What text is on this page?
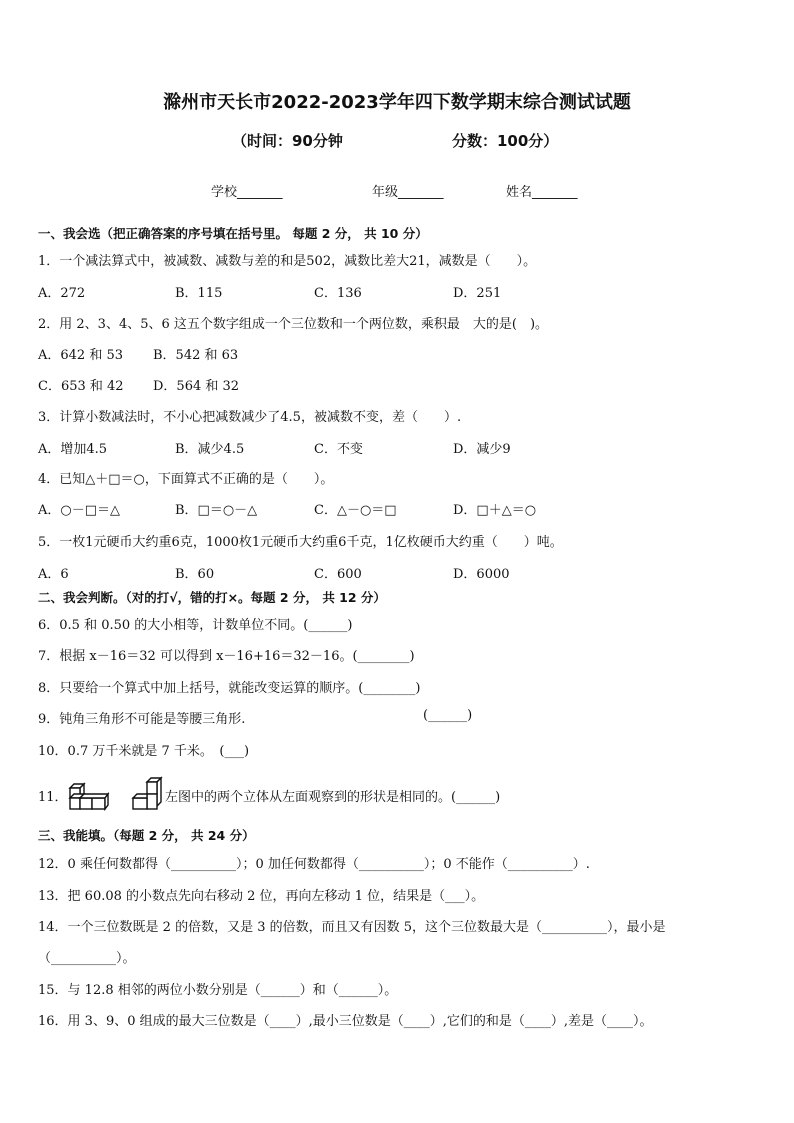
滁州市天长市2022-2023学年四下数学期末综合测试试题
（时间：90分钟	分数：100分）
学校_______	年级_______	姓名_______
一、我会选（把正确答案的序号填在括号里。 每题 2 分， 共 10 分）
1．一个减法算式中，被减数、减数与差的和是502，减数比差大21，减数是（　　）。
A．272	B．115	C．136	D．251
2．用 2、3、4、5、6 这五个数字组成一个三位数和一个两位数，乘积最　大的是(　)。
A．642 和 53 B．542 和 63
C．653 和 42 D．564 和 32
3．计算小数减法时，不小心把减数减少了4.5，被减数不变，差（　　）.
A．增加4.5	B．减少4.5	C．不变	D．减少9
4．已知△＋□＝○，下面算式不正确的是（　　）。
A．○－□＝△	B．□＝○－△	C．△－○＝□	D．□＋△＝○
5．一枚1元硬币大约重6克，1000枚1元硬币大约重6千克，1亿枚硬币大约重（　　）吨。
A．6	B．60	C．600	D．6000
二、我会判断。（对的打√，错的打×。每题 2 分， 共 12 分）
6．0.5 和 0.50 的大小相等，计数单位不同。(______)
7．根据 x－16＝32 可以得到 x－16+16＝32－16。(________)
8．只要给一个算式中加上括号，就能改变运算的顺序。(________)
9．钝角三角形不可能是等腰三角形.	(______)
10．0.7 万千米就是 7 千米。　(___)
11．	左图中的两个立体从左面观察到的形状是相同的。(______)
三、我能填。（每题 2 分， 共 24 分）
12．0 乘任何数都得（__________）；0 加任何数都得（__________）；0 不能作（__________）.
13．把 60.08 的小数点先向右移动 2 位，再向左移动 1 位，结果是（___）。
14．一个三位数既是 2 的倍数，又是 3 的倍数，而且又有因数 5，这个三位数最大是（__________），最小是
（__________）。
15．与 12.8 相邻的两位小数分别是（______）和（______）。
16．用 3、9、0 组成的最大三位数是（____）,最小三位数是（____）,它们的和是（____）,差是（____）。
